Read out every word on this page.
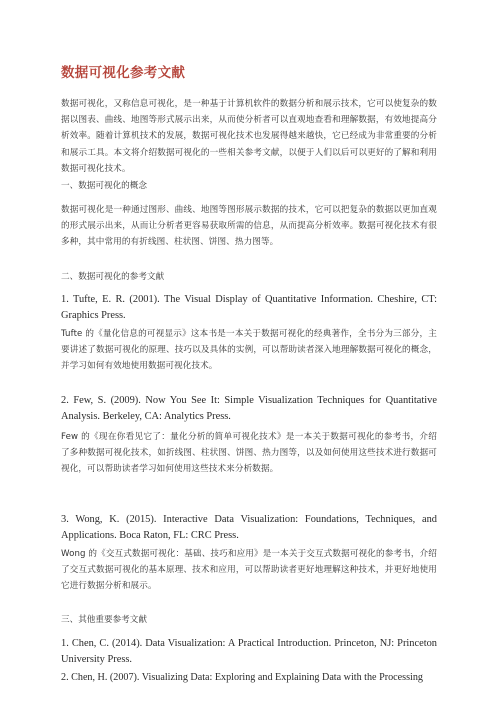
数据可视化参考文献

数据可视化，又称信息可视化，是一种基于计算机软件的数据分析和展示技术，它可以使复杂的数据以图表、曲线、地图等形式展示出来，从而使分析者可以直观地查看和理解数据，有效地提高分析效率。随着计算机技术的发展，数据可视化技术也发展得越来越快，它已经成为非常重要的分析和展示工具。本文将介绍数据可视化的一些相关参考文献，以便于人们以后可以更好的了解和利用数据可视化技术。

一、数据可视化的概念

数据可视化是一种通过图形、曲线、地图等图形展示数据的技术，它可以把复杂的数据以更加直观的形式展示出来，从而让分析者更容易获取所需的信息，从而提高分析效率。数据可视化技术有很多种，其中常用的有折线图、柱状图、饼图、热力图等。

二、数据可视化的参考文献

1. Tufte, E. R. (2001). The Visual Display of Quantitative Information. Cheshire, CT: Graphics Press.

Tufte 的《量化信息的可视显示》这本书是一本关于数据可视化的经典著作，全书分为三部分，主要讲述了数据可视化的原理、技巧以及具体的实例，可以帮助读者深入地理解数据可视化的概念，并学习如何有效地使用数据可视化技术。

2. Few, S. (2009). Now You See It: Simple Visualization Techniques for Quantitative Analysis. Berkeley, CA: Analytics Press.

Few 的《现在你看见它了：量化分析的简单可视化技术》是一本关于数据可视化的参考书，介绍了多种数据可视化技术，如折线图、柱状图、饼图、热力图等，以及如何使用这些技术进行数据可视化，可以帮助读者学习如何使用这些技术来分析数据。

3. Wong, K. (2015). Interactive Data Visualization: Foundations, Techniques, and Applications. Boca Raton, FL: CRC Press.

Wong 的《交互式数据可视化：基础、技巧和应用》是一本关于交互式数据可视化的参考书，介绍了交互式数据可视化的基本原理、技术和应用，可以帮助读者更好地理解这种技术，并更好地使用它进行数据分析和展示。

三、其他重要参考文献

1. Chen, C. (2014). Data Visualization: A Practical Introduction. Princeton, NJ: Princeton University Press.

2. Chen, H. (2007). Visualizing Data: Exploring and Explaining Data with the Processing
